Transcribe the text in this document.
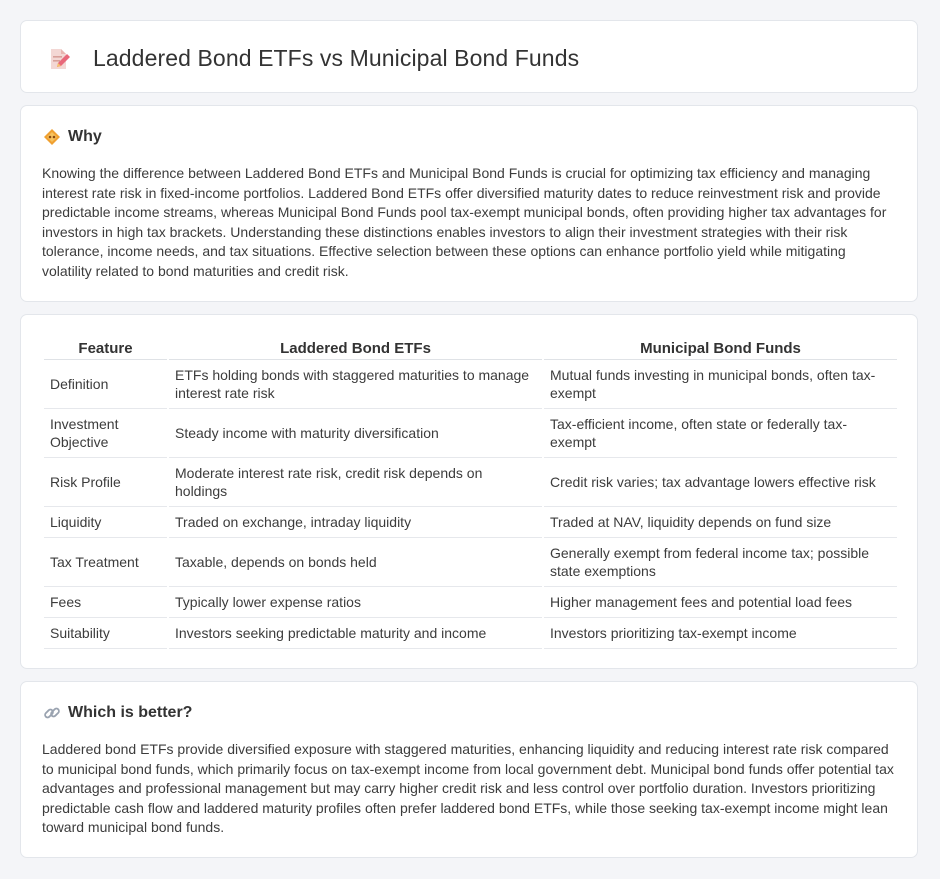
Laddered Bond ETFs vs Municipal Bond Funds
Why

Knowing the difference between Laddered Bond ETFs and Municipal Bond Funds is crucial for optimizing tax efficiency and managing interest rate risk in fixed-income portfolios. Laddered Bond ETFs offer diversified maturity dates to reduce reinvestment risk and provide predictable income streams, whereas Municipal Bond Funds pool tax-exempt municipal bonds, often providing higher tax advantages for investors in high tax brackets. Understanding these distinctions enables investors to align their investment strategies with their risk tolerance, income needs, and tax situations. Effective selection between these options can enhance portfolio yield while mitigating volatility related to bond maturities and credit risk.

Feature	Laddered Bond ETFs	Municipal Bond Funds
Definition	ETFs holding bonds with staggered maturities to manage interest rate risk	Mutual funds investing in municipal bonds, often tax-exempt
Investment Objective	Steady income with maturity diversification	Tax-efficient income, often state or federally tax-exempt
Risk Profile	Moderate interest rate risk, credit risk depends on holdings	Credit risk varies; tax advantage lowers effective risk
Liquidity	Traded on exchange, intraday liquidity	Traded at NAV, liquidity depends on fund size
Tax Treatment	Taxable, depends on bonds held	Generally exempt from federal income tax; possible state exemptions
Fees	Typically lower expense ratios	Higher management fees and potential load fees
Suitability	Investors seeking predictable maturity and income	Investors prioritizing tax-exempt income
Which is better?

Laddered bond ETFs provide diversified exposure with staggered maturities, enhancing liquidity and reducing interest rate risk compared to municipal bond funds, which primarily focus on tax-exempt income from local government debt. Municipal bond funds offer potential tax advantages and professional management but may carry higher credit risk and less control over portfolio duration. Investors prioritizing predictable cash flow and laddered maturity profiles often prefer laddered bond ETFs, while those seeking tax-exempt income might lean toward municipal bond funds.
